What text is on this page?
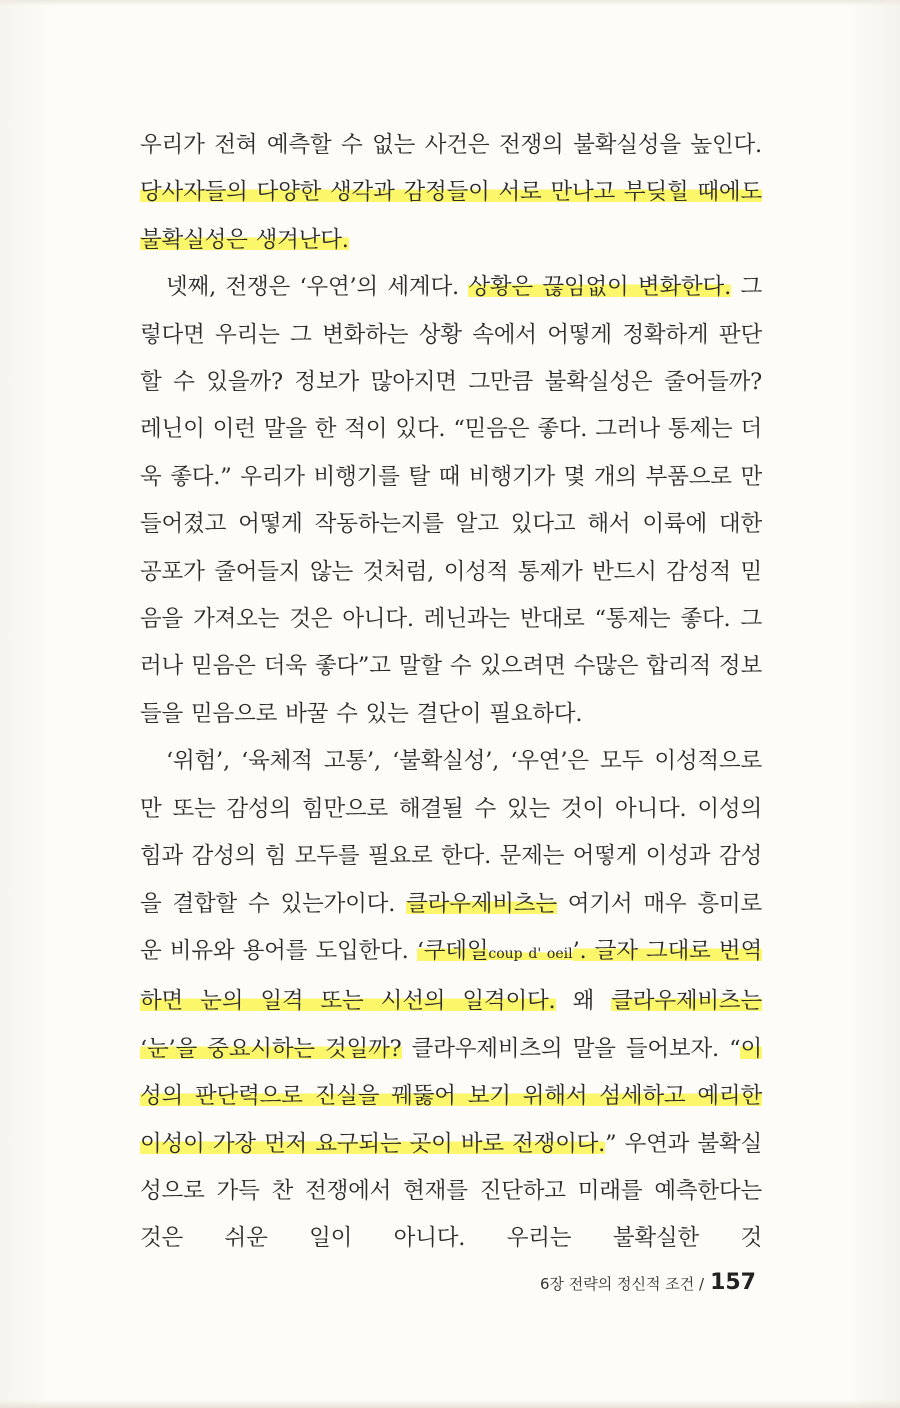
우리가 전혀 예측할 수 없는 사건은 전쟁의 불확실성을 높인다. 당사자들의 다양한 생각과 감정들이 서로 만나고 부딪힐 때에도 불확실성은 생겨난다.

넷째, 전쟁은 ‘우연’의 세계다. 상황은 끊임없이 변화한다. 그렇다면 우리는 그 변화하는 상황 속에서 어떻게 정확하게 판단할 수 있을까? 정보가 많아지면 그만큼 불확실성은 줄어들까? 레닌이 이런 말을 한 적이 있다. “믿음은 좋다. 그러나 통제는 더욱 좋다.” 우리가 비행기를 탈 때 비행기가 몇 개의 부품으로 만들어졌고 어떻게 작동하는지를 알고 있다고 해서 이륙에 대한 공포가 줄어들지 않는 것처럼, 이성적 통제가 반드시 감성적 믿음을 가져오는 것은 아니다. 레닌과는 반대로 “통제는 좋다. 그러나 믿음은 더욱 좋다”고 말할 수 있으려면 수많은 합리적 정보들을 믿음으로 바꿀 수 있는 결단이 필요하다.

‘위험’, ‘육체적 고통’, ‘불확실성’, ‘우연’은 모두 이성적으로만 또는 감성의 힘만으로 해결될 수 있는 것이 아니다. 이성의 힘과 감성의 힘 모두를 필요로 한다. 문제는 어떻게 이성과 감성을 결합할 수 있는가이다. 클라우제비츠는 여기서 매우 흥미로운 비유와 용어를 도입한다. ‘쿠데일coup d' oeil’. 글자 그대로 번역하면 눈의 일격 또는 시선의 일격이다. 왜 클라우제비츠는 ‘눈’을 중요시하는 것일까? 클라우제비츠의 말을 들어보자. “이성의 판단력으로 진실을 꿰뚫어 보기 위해서 섬세하고 예리한 이성이 가장 먼저 요구되는 곳이 바로 전쟁이다.” 우연과 불확실성으로 가득 찬 전쟁에서 현재를 진단하고 미래를 예측한다는 것은 쉬운 일이 아니다. 우리는 불확실한 것

6장 전략의 정신적 조건 / 157
